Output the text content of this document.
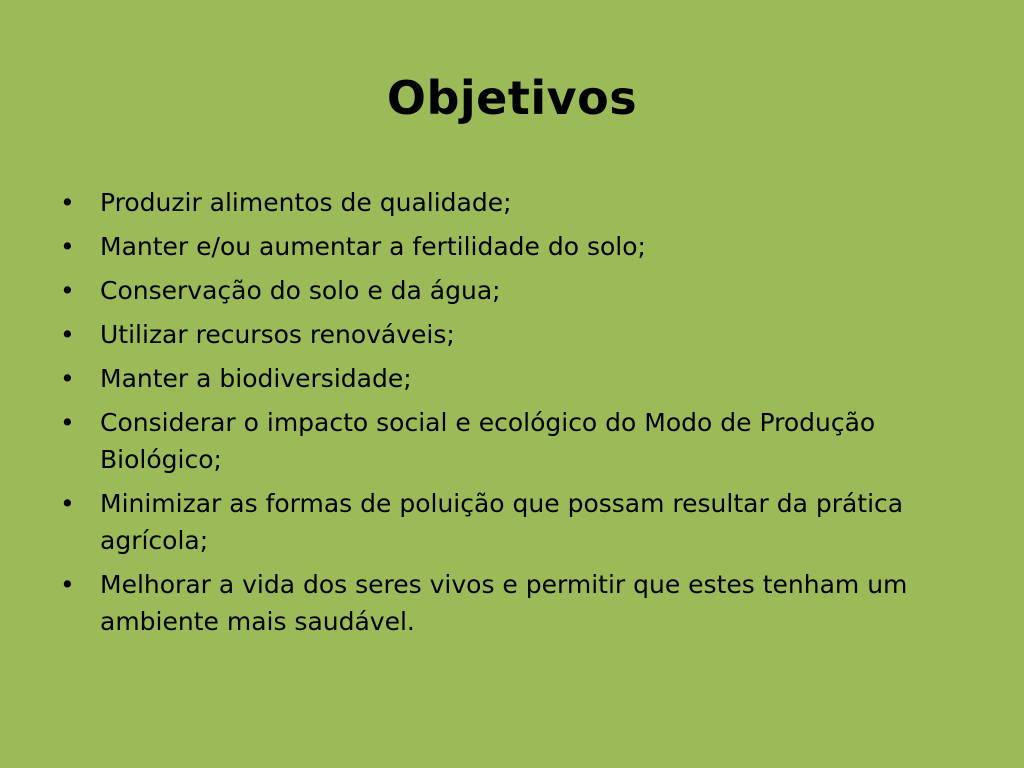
Objetivos
• Produzir alimentos de qualidade;
• Manter e/ou aumentar a fertilidade do solo;
• Conservação do solo e da água;
• Utilizar recursos renováveis;
• Manter a biodiversidade;
• Considerar o impacto social e ecológico do Modo de Produção Biológico;
• Minimizar as formas de poluição que possam resultar da prática agrícola;
• Melhorar a vida dos seres vivos e permitir que estes tenham um ambiente mais saudável.
